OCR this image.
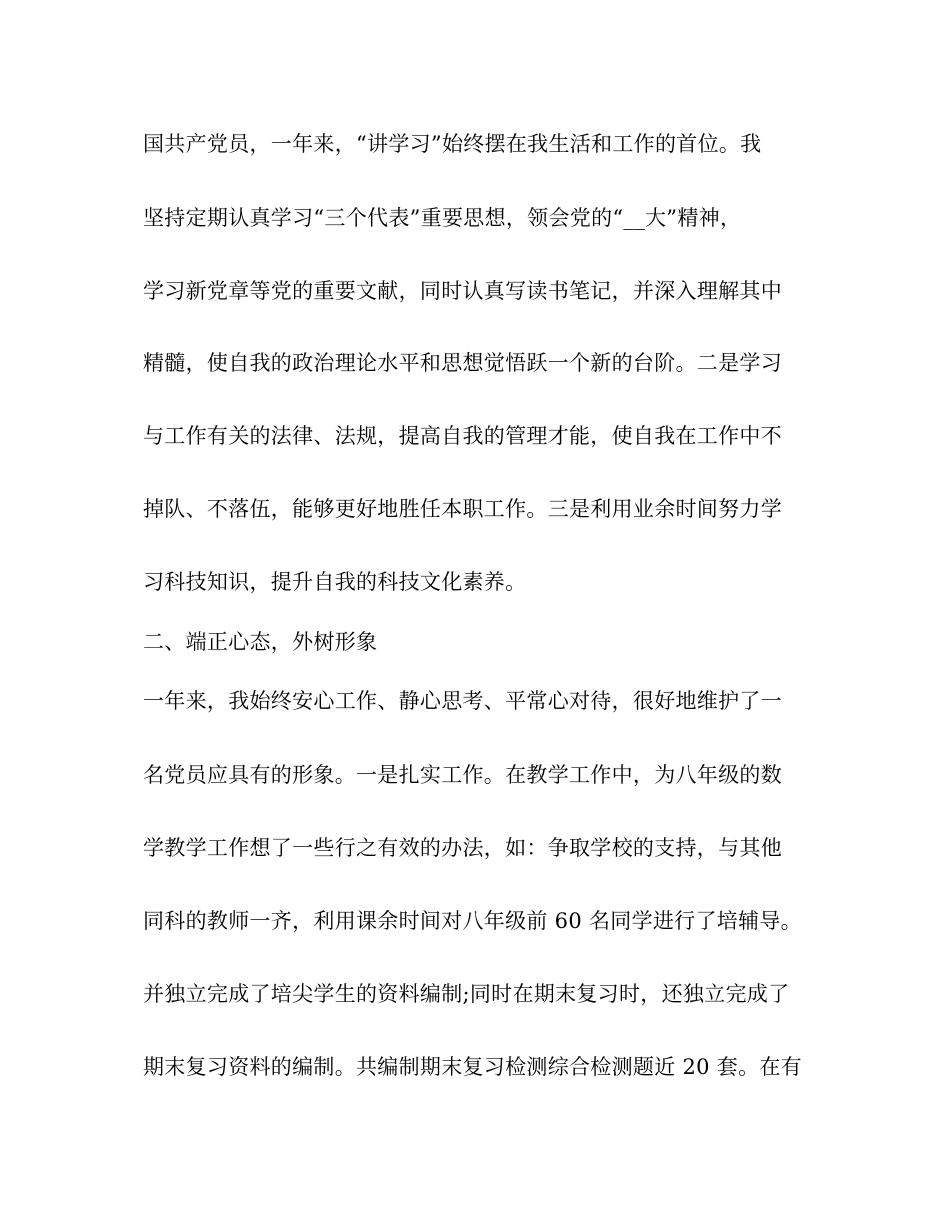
国共产党员，一年来，“讲学习”始终摆在我生活和工作的首位。我
坚持定期认真学习“三个代表”重要思想，领会党的“__大”精神，
学习新党章等党的重要文献，同时认真写读书笔记，并深入理解其中
精髓，使自我的政治理论水平和思想觉悟跃一个新的台阶。二是学习
与工作有关的法律、法规，提高自我的管理才能，使自我在工作中不
掉队、不落伍，能够更好地胜任本职工作。三是利用业余时间努力学
习科技知识，提升自我的科技文化素养。
二、端正心态，外树形象
一年来，我始终安心工作、静心思考、平常心对待，很好地维护了一
名党员应具有的形象。一是扎实工作。在教学工作中，为八年级的数
学教学工作想了一些行之有效的办法，如：争取学校的支持，与其他
同科的教师一齐，利用课余时间对八年级前 60 名同学进行了培辅导。
并独立完成了培尖学生的资料编制;同时在期末复习时，还独立完成了
期末复习资料的编制。共编制期末复习检测综合检测题近 20 套。在有
